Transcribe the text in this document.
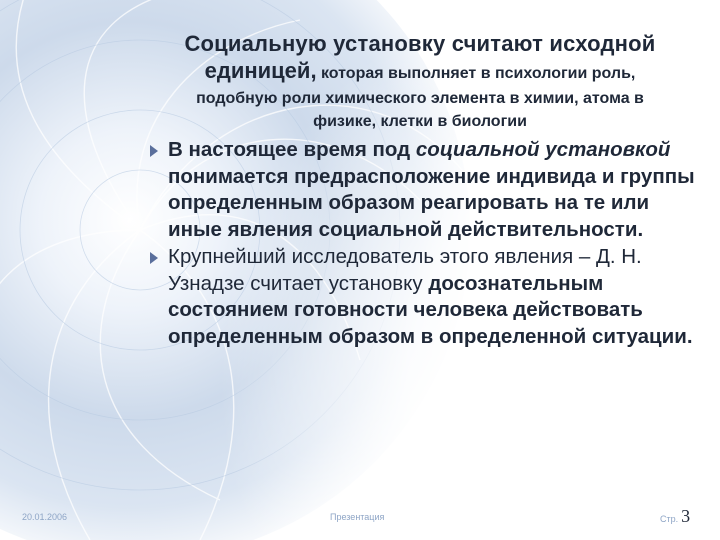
Социальную установку считают исходной
единицей, которая выполняет в психологии роль,
подобную роли химического элемента в химии, атома в
физике, клетки в биологии
В настоящее время под социальной установкой понимается предрасположение индивида и группы определенным образом реагировать на те или иные явления социальной действительности.
Крупнейший исследователь этого явления – Д. Н. Узнадзе считает установку досознательным состоянием готовности человека действовать определенным образом в определенной ситуации.
20.01.2006	Презентация	Стр. 3
